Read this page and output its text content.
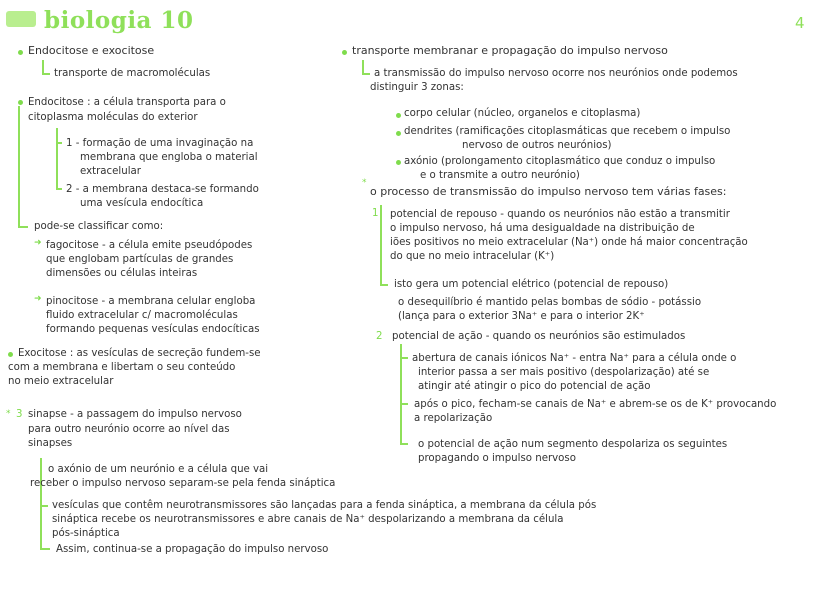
biologia 10	4
Endocitose e exocitose
transporte de macromoléculas
Endocitose : a célula transporta para o
citoplasma moléculas do exterior
1 - formação de uma invaginação na
membrana que engloba o material
extracelular
2 - a membrana destaca-se formando
uma vesícula endocítica
pode-se classificar como:
➜ fagocitose - a célula emite pseudópodes
que englobam partículas de grandes
dimensões ou células inteiras
➜ pinocitose - a membrana celular engloba
fluido extracelular c/ macromoléculas
formando pequenas vesículas endocíticas
Exocitose : as vesículas de secreção fundem-se
com a membrana e libertam o seu conteúdo
no meio extracelular
* 3 sinapse - a passagem do impulso nervoso
para outro neurónio ocorre ao nível das
sinapses
o axónio de um neurónio e a célula que vai
receber o impulso nervoso separam-se pela fenda sináptica
vesículas que contêm neurotransmissores são lançadas para a fenda sináptica, a membrana da célula pós
sináptica recebe os neurotransmissores e abre canais de Na⁺ despolarizando a membrana da célula
pós-sináptica
Assim, continua-se a propagação do impulso nervoso
transporte membranar e propagação do impulso nervoso
a transmissão do impulso nervoso ocorre nos neurónios onde podemos
distinguir 3 zonas:
corpo celular (núcleo, organelos e citoplasma)
dendrites (ramificações citoplasmáticas que recebem o impulso
nervoso de outros neurónios)
axónio (prolongamento citoplasmático que conduz o impulso
e o transmite a outro neurónio)
*
o processo de transmissão do impulso nervoso tem várias fases:
1 potencial de repouso - quando os neurónios não estão a transmitir
o impulso nervoso, há uma desigualdade na distribuição de
iões positivos no meio extracelular (Na⁺) onde há maior concentração
do que no meio intracelular (K⁺)
isto gera um potencial elétrico (potencial de repouso)
o desequilíbrio é mantido pelas bombas de sódio - potássio
(lança para o exterior 3Na⁺ e para o interior 2K⁺
2 potencial de ação - quando os neurónios são estimulados
abertura de canais iónicos Na⁺ - entra Na⁺ para a célula onde o
interior passa a ser mais positivo (despolarização) até se
atingir até atingir o pico do potencial de ação
após o pico, fecham-se canais de Na⁺ e abrem-se os de K⁺ provocando
a repolarização
o potencial de ação num segmento despolariza os seguintes
propagando o impulso nervoso
